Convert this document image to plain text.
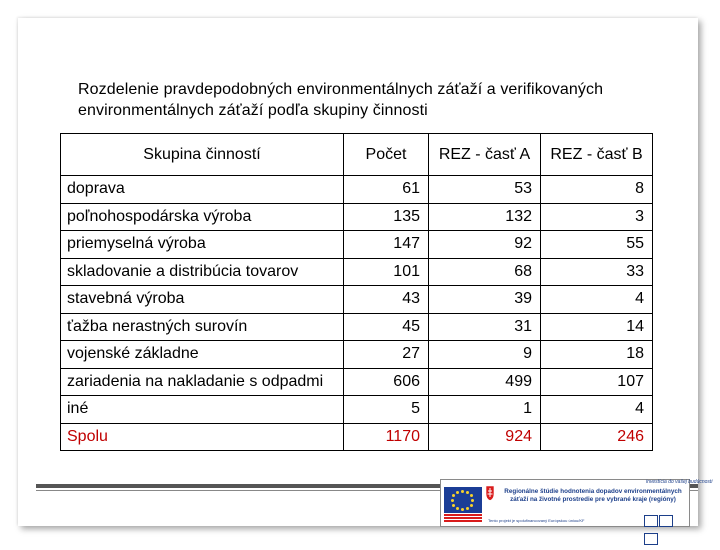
Rozdelenie pravdepodobných environmentálnych záťaží a verifikovaných environmentálnych záťaží podľa skupiny činnosti
Skupina činností	Počet	REZ - časť A	REZ - časť B
doprava	61	53	8
poľnohospodárska výroba	135	132	3
priemyselná výroba	147	92	55
skladovanie a distribúcia tovarov	101	68	33
stavebná výroba	43	39	4
ťažba nerastných surovín	45	31	14
vojenské základne	27	9	18
zariadenia na nakladanie s odpadmi	606	499	107
iné	5	1	4
Spolu	1170	924	246
investícia do vašej budúcnosti
Regionálne štúdie hodnotenia dopadov environmentálnych záťaží na životné prostredie pre vybrané kraje (regióny)
Tento projekt je spolufinancovaný Európskou úniou/KF
